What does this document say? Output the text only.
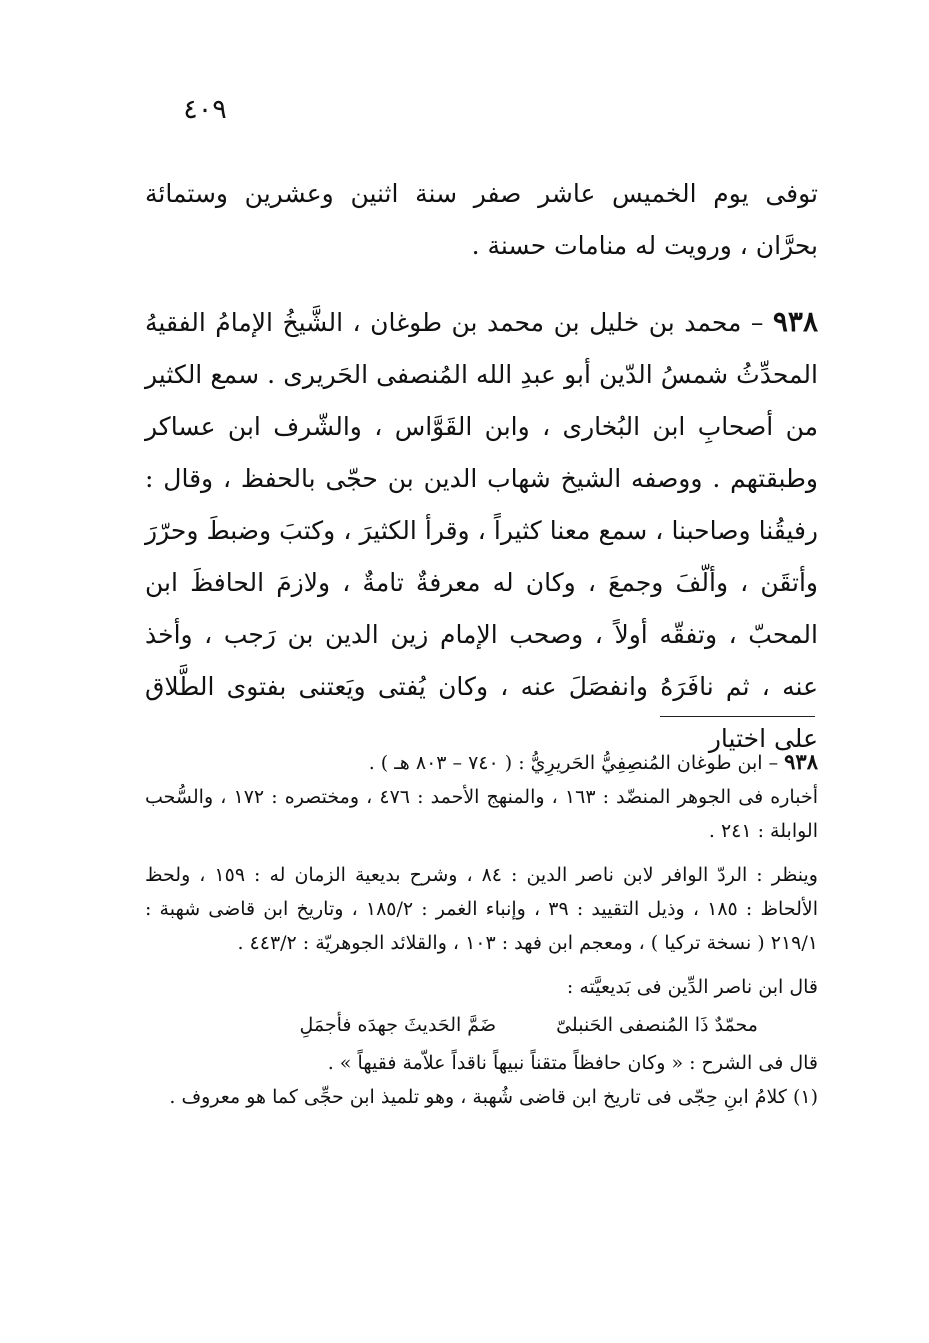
٤٠٩

توفى يوم الخميس عاشر صفر سنة اثنين وعشرين وستمائة بحرَّان ، ورويت له منامات حسنة .

٩٣٨ – محمد بن خليل بن محمد بن طوغان ، الشَّيخُ الإمامُ الفقيهُ المحدِّثُ شمسُ الدّين أبو عبدِ الله المُنصفى الحَريرى . سمع الكثير من أصحابِ ابن البُخارى ، وابن القَوَّاس ، والشّرف ابن عساكر وطبقتهم . ووصفه الشيخ شهاب الدين بن حجّى بالحفظ ، وقال : رفيقُنا وصاحبنا ، سمع معنا كثيراً ، وقرأ الكثيرَ ، وكتبَ وضبطَ وحرّرَ وأتقَن ، وألّفَ وجمعَ ، وكان له معرفةٌ تامةٌ ، ولازمَ الحافظَ ابن المحبّ ، وتفقّه أولاً ، وصحب الإمام زين الدين بن رَجب ، وأخذ عنه ، ثم نافَرَهُ وانفصَلَ عنه ، وكان يُفتى ويَعتنى بفتوى الطَّلاق على اختيار

٩٣٨ – ابن طوغان المُنصِفِيُّ الحَريرِيُّ : ( ٧٤٠ – ٨٠٣ هـ ) .

أخباره فى الجوهر المنضّد : ١٦٣ ، والمنهج الأحمد : ٤٧٦ ، ومختصره : ١٧٢ ، والسُّحب الوابلة : ٢٤١ .

وينظر : الردّ الوافر لابن ناصر الدين : ٨٤ ، وشرح بديعية الزمان له : ١٥٩ ، ولحظ الألحاظ : ١٨٥ ، وذيل التقييد : ٣٩ ، وإنباء الغمر : ١٨٥/٢ ، وتاريخ ابن قاضى شهبة : ٢١٩/١ ( نسخة تركيا ) ، ومعجم ابن فهد : ١٠٣ ، والقلائد الجوهريّة : ٤٤٣/٢ .

قال ابن ناصر الدِّين فى بَديعيَّته :

محمّدٌ ذَا المُنصفى الحَنبلىّ
ضَمَّ الحَديثَ جهدَه فأجمَلِ

قال فى الشرح : « وكان حافظاً متقناً نبيهاً ناقداً علاّمة فقيهاً » .

(١) كلامُ ابنِ حِجّى فى تاريخ ابن قاضى شُهبة ، وهو تلميذ ابن حجِّى كما هو معروف .
